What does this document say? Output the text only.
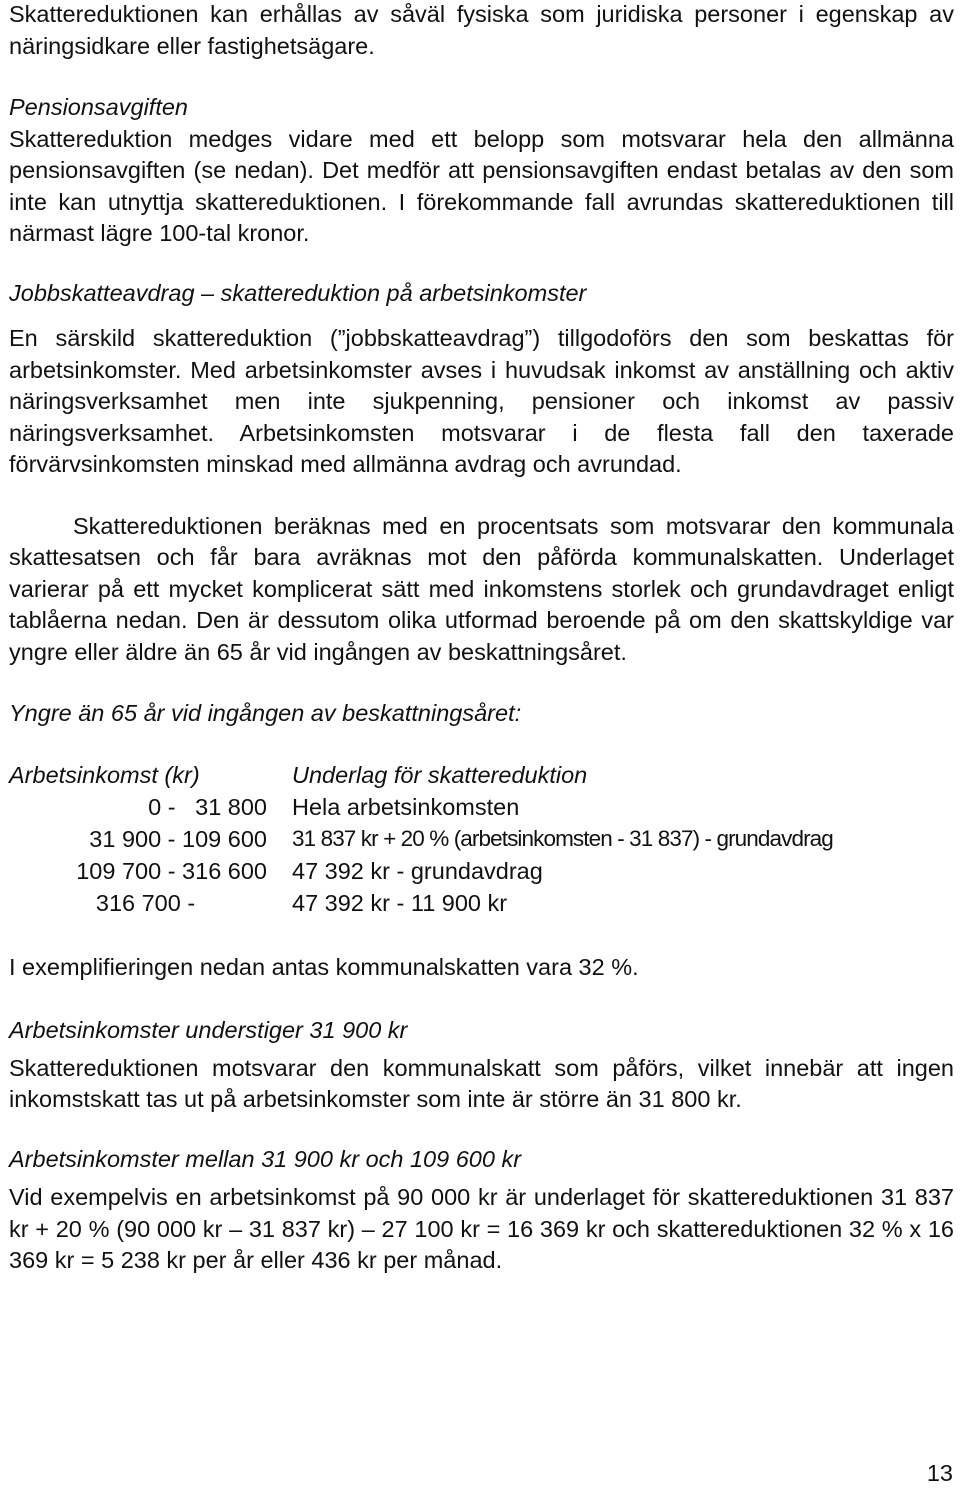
Skattereduktionen kan erhållas av såväl fysiska som juridiska personer i egenskap av näringsidkare eller fastighetsägare.

Pensionsavgiften

Skattereduktion medges vidare med ett belopp som motsvarar hela den allmänna pensionsavgiften (se nedan). Det medför att pensionsavgiften endast betalas av den som inte kan utnyttja skattereduktionen. I förekommande fall avrundas skattereduktionen till närmast lägre 100-tal kronor.

Jobbskatteavdrag – skattereduktion på arbetsinkomster

En särskild skattereduktion (”jobbskatteavdrag”) tillgodoförs den som beskattas för arbetsinkomster. Med arbetsinkomster avses i huvudsak inkomst av anställning och aktiv näringsverksamhet men inte sjukpenning, pensioner och inkomst av passiv näringsverksamhet. Arbetsinkomsten motsvarar i de flesta fall den taxerade förvärvsinkomsten minskad med allmänna avdrag och avrundad.

Skattereduktionen beräknas med en procentsats som motsvarar den kommunala skattesatsen och får bara avräknas mot den påförda kommunalskatten. Underlaget varierar på ett mycket komplicerat sätt med inkomstens storlek och grundavdraget enligt tablåerna nedan. Den är dessutom olika utformad beroende på om den skattskyldige var yngre eller äldre än 65 år vid ingången av beskattningsåret.

Yngre än 65 år vid ingången av beskattningsåret:

Arbetsinkomst (kr)	Underlag för skattereduktion
0 -   31 800 Hela arbetsinkomsten
31 900 - 109 600 31 837 kr + 20 % (arbetsinkomsten - 31 837) - grundavdrag
109 700 - 316 600 47 392 kr - grundavdrag
316 700 - 47 392 kr - 11 900 kr

I exemplifieringen nedan antas kommunalskatten vara 32 %.

Arbetsinkomster understiger 31 900 kr

Skattereduktionen motsvarar den kommunalskatt som påförs, vilket innebär att ingen inkomstskatt tas ut på arbetsinkomster som inte är större än 31 800 kr.

Arbetsinkomster mellan 31 900 kr och 109 600 kr

Vid exempelvis en arbetsinkomst på 90 000 kr är underlaget för skattereduktionen 31 837 kr + 20 % (90 000 kr – 31 837 kr) – 27 100 kr = 16 369 kr och skattereduktionen 32 % x 16 369 kr = 5 238 kr per år eller 436 kr per månad.

13
